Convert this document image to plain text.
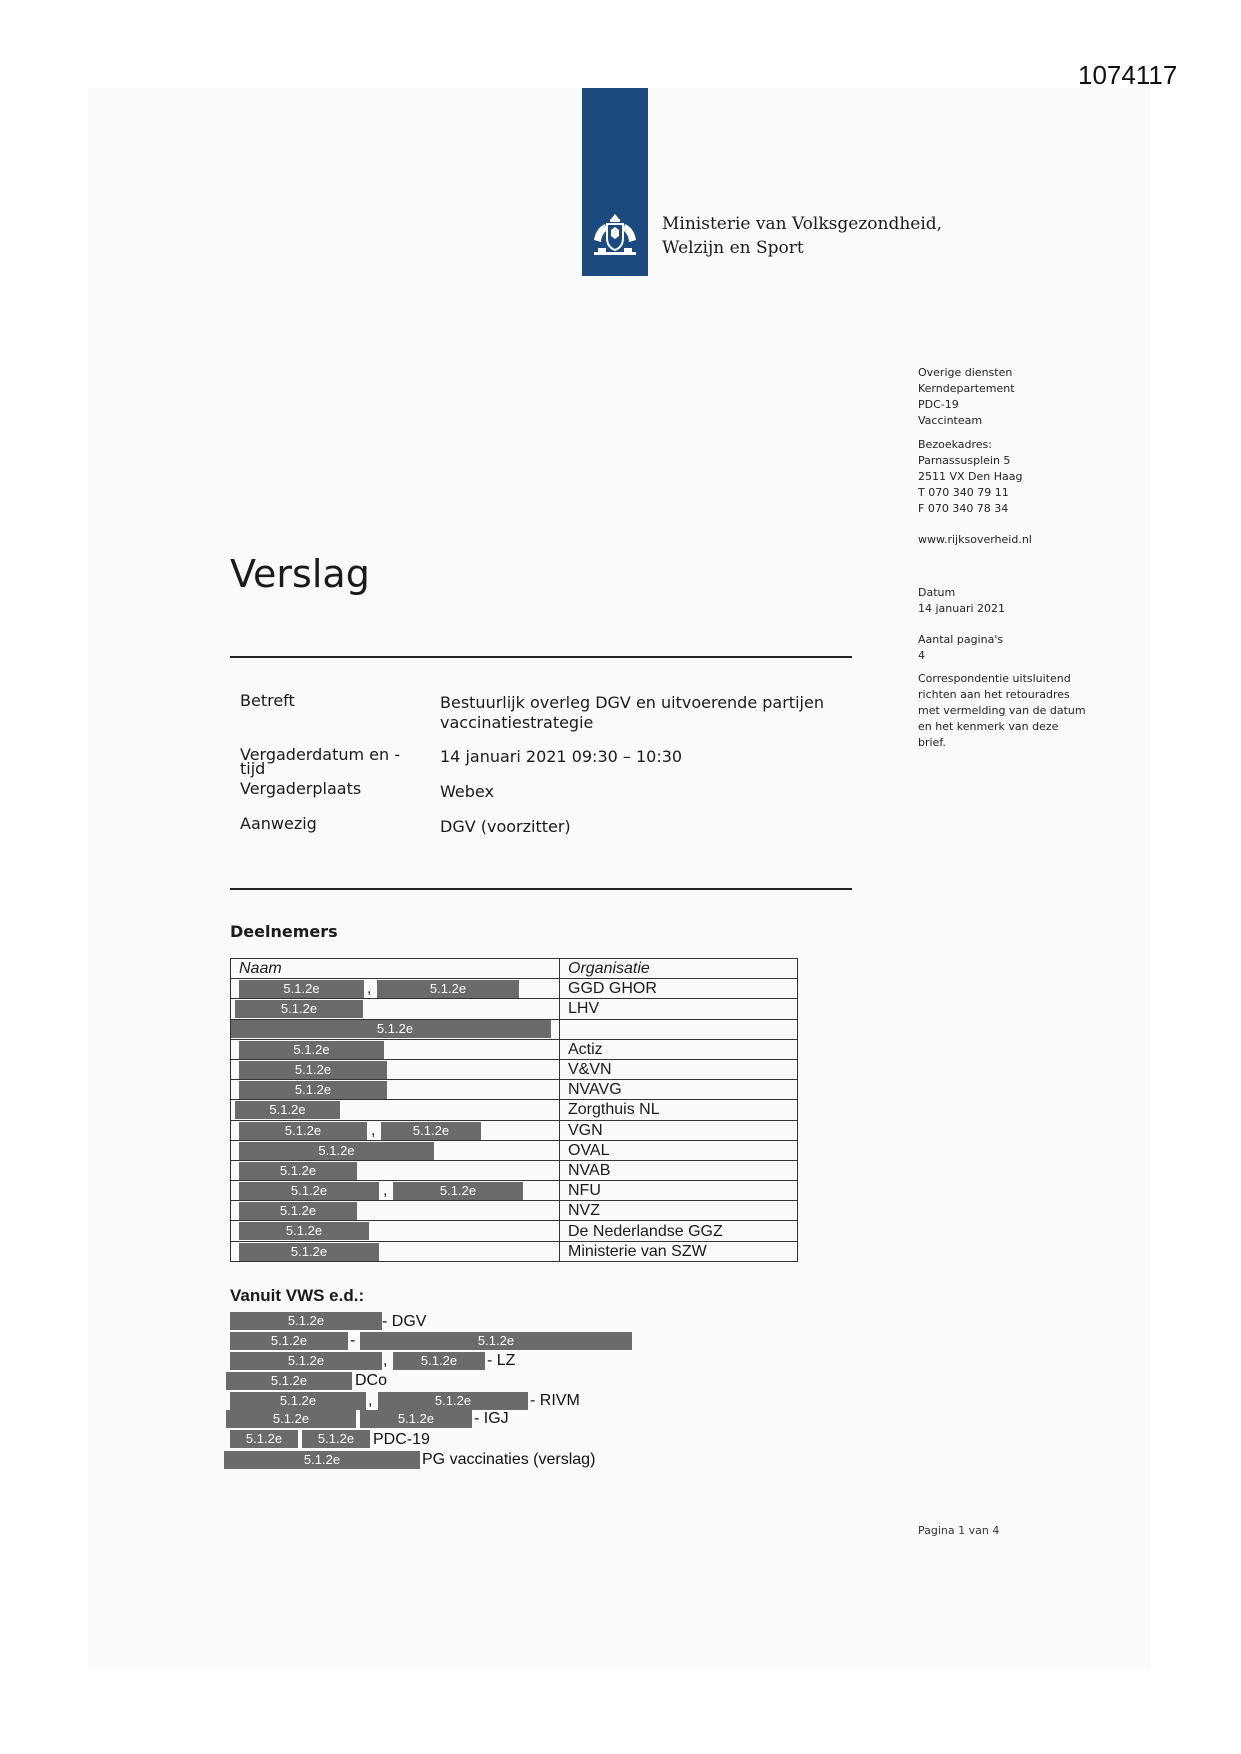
1074117
Ministerie van Volksgezondheid,
Welzijn en Sport
Overige diensten
Kerndepartement
PDC-19
Vaccinteam
Bezoekadres:
Parnassusplein 5
2511 VX Den Haag
T 070 340 79 11
F 070 340 78 34
www.rijksoverheid.nl
Datum
14 januari 2021
Aantal pagina's
4
Correspondentie uitsluitend
richten aan het retouradres
met vermelding van de datum
en het kenmerk van deze
brief.
Verslag
Betreft	Bestuurlijk overleg DGV en uitvoerende partijen
vaccinatiestrategie
Vergaderdatum en -
tijd
14 januari 2021 09:30 – 10:30
Vergaderplaats	Webex
Aanwezig	DGV (voorzitter)
Deelnemers
Naam	Organisatie

5.1.2e , 5.1.2e	GGD GHOR

5.1.2e	LHV

5.1.2e	

5.1.2e	Actiz

5.1.2e	V&VN

5.1.2e	NVAVG

5.1.2e	Zorgthuis NL

5.1.2e , 5.1.2e	VGN

5.1.2e	OVAL

5.1.2e	NVAB

5.1.2e , 5.1.2e	NFU

5.1.2e	NVZ

5.1.2e	De Nederlandse GGZ

5.1.2e	Ministerie van SZW
Vanuit VWS e.d.:
5.1.2e	- DGV
5.1.2e	-	5.1.2e
5.1.2e	,	5.1.2e	- LZ
5.1.2e	DCo
5.1.2e	,	5.1.2e	- RIVM
5.1.2e	5.1.2e	- IGJ
5.1.2e	5.1.2e	PDC-19
5.1.2e	PG vaccinaties (verslag)
Pagina 1 van 4
